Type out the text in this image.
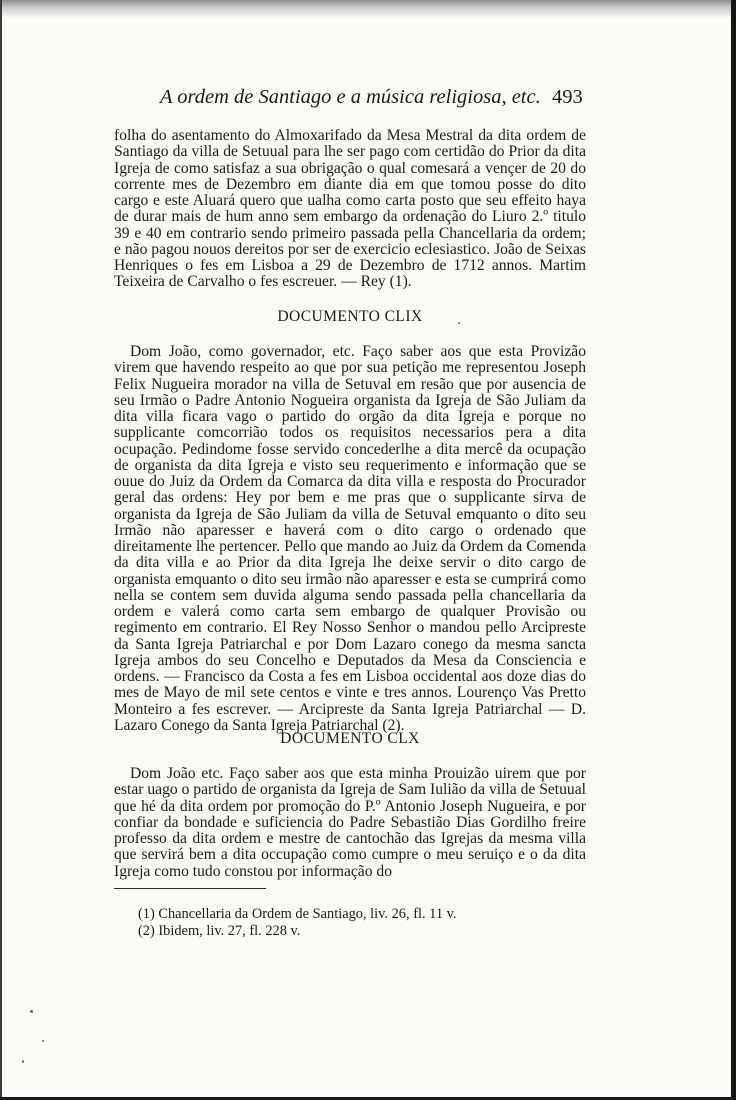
A ordem de Santiago e a música religiosa, etc. 493

folha do asentamento do Almoxarifado da Mesa Mestral da dita ordem de Santiago da villa de Setuual para lhe ser pago com certidão do Prior da dita Igreja de como satisfaz a sua obrigação o qual comesará a vençer de 20 do corrente mes de Dezembro em diante dia em que tomou posse do dito cargo e este Aluará quero que ualha como carta posto que seu effeito haya de durar mais de hum anno sem embargo da ordenação do Liuro 2.º titulo 39 e 40 em contrario sendo primeiro passada pella Chancellaria da ordem; e não pagou nouos dereitos por ser de exercicio eclesiastico. João de Seixas Henriques o fes em Lisboa a 29 de Dezembro de 1712 annos. Martim Teixeira de Carvalho o fes escreuer. — Rey (1).

DOCUMENTO CLIX

Dom João, como governador, etc. Faço saber aos que esta Provizão virem que havendo respeito ao que por sua petição me representou Joseph Felix Nugueira morador na villa de Setuval em resão que por ausencia de seu Irmão o Padre Antonio Nogueira organista da Igreja de São Juliam da dita villa ficara vago o partido do orgão da dita Igreja e porque no supplicante comcorrião todos os requisitos necessarios pera a dita ocupação. Pedindome fosse servido concederlhe a dita mercê da ocupação de organista da dita Igreja e visto seu requerimento e informação que se ouue do Juiz da Ordem da Comarca da dita villa e resposta do Procurador geral das ordens: Hey por bem e me pras que o supplicante sirva de organista da Igreja de São Juliam da villa de Setuval emquanto o dito seu Irmão não aparesser e haverá com o dito cargo o ordenado que direitamente lhe pertencer. Pello que mando ao Juiz da Ordem da Comenda da dita villa e ao Prior da dita Igreja lhe deixe servir o dito cargo de organista emquanto o dito seu irmão não aparesser e esta se cumprirá como nella se contem sem duvida alguma sendo passada pella chancellaria da ordem e valerá como carta sem embargo de qualquer Provisão ou regimento em contrario. El Rey Nosso Senhor o mandou pello Arcipreste da Santa Igreja Patriarchal e por Dom Lazaro conego da mesma sancta Igreja ambos do seu Concelho e Deputados da Mesa da Consciencia e ordens. — Francisco da Costa a fes em Lisboa occidental aos doze dias do mes de Mayo de mil sete centos e vinte e tres annos. Lourenço Vas Pretto Monteiro a fes escrever. — Arcipreste da Santa Igreja Patriarchal — D. Lazaro Conego da Santa Igreja Patriarchal (2).

DOCUMENTO CLX

Dom João etc. Faço saber aos que esta minha Prouizão uirem que por estar uago o partido de organista da Igreja de Sam Iulião da villa de Setuual que hé da dita ordem por promoção do P.º Antonio Joseph Nugueira, e por confiar da bondade e suficiencia do Padre Sebastião Dias Gordilho freire professo da dita ordem e mestre de cantochão das Igrejas da mesma villa que servirá bem a dita occupação como cumpre o meu seruiço e o da dita Igreja como tudo constou por informação do

(1) Chancellaria da Ordem de Santiago, liv. 26, fl. 11 v.
(2) Ibidem, liv. 27, fl. 228 v.
